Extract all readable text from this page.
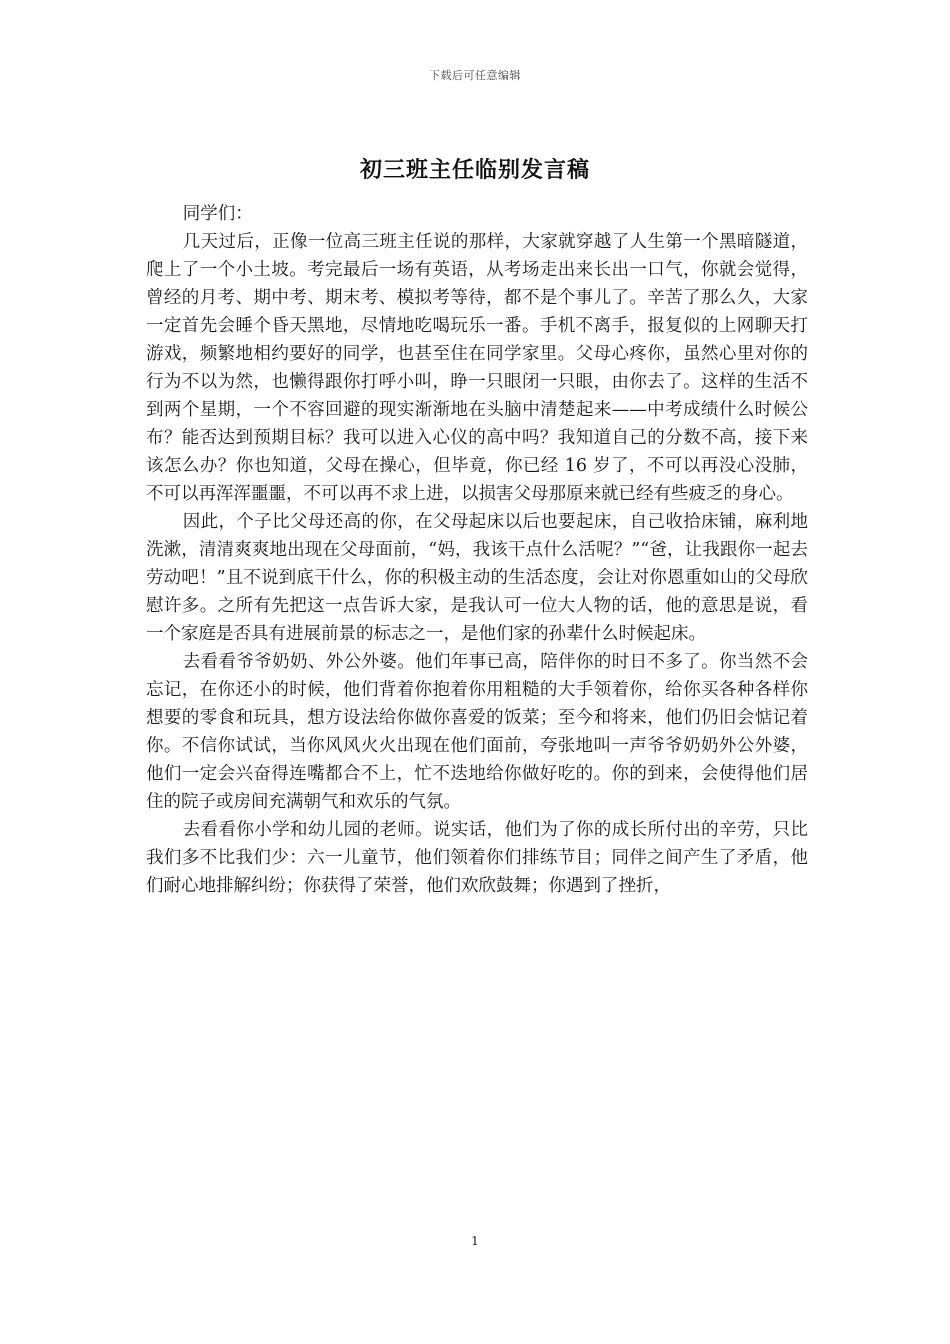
下载后可任意编辑
初三班主任临别发言稿

同学们：

几天过后，正像一位高三班主任说的那样，大家就穿越了人生第一个黑暗隧道，爬上了一个小土坡。考完最后一场有英语，从考场走出来长出一口气，你就会觉得，曾经的月考、期中考、期末考、模拟考等待，都不是个事儿了。辛苦了那么久，大家一定首先会睡个昏天黑地，尽情地吃喝玩乐一番。手机不离手，报复似的上网聊天打游戏，频繁地相约要好的同学，也甚至住在同学家里。父母心疼你，虽然心里对你的行为不以为然，也懒得跟你打呼小叫，睁一只眼闭一只眼，由你去了。这样的生活不到两个星期，一个不容回避的现实渐渐地在头脑中清楚起来——中考成绩什么时候公布？能否达到预期目标？我可以进入心仪的高中吗？我知道自己的分数不高，接下来该怎么办？你也知道，父母在操心，但毕竟，你已经 16 岁了，不可以再没心没肺，不可以再浑浑噩噩，不可以再不求上进，以损害父母那原来就已经有些疲乏的身心。

因此，个子比父母还高的你，在父母起床以后也要起床，自己收拾床铺，麻利地洗漱，清清爽爽地出现在父母面前，“妈，我该干点什么活呢？”“爸，让我跟你一起去劳动吧！”且不说到底干什么，你的积极主动的生活态度，会让对你恩重如山的父母欣慰许多。之所有先把这一点告诉大家，是我认可一位大人物的话，他的意思是说，看一个家庭是否具有进展前景的标志之一，是他们家的孙辈什么时候起床。

去看看爷爷奶奶、外公外婆。他们年事已高，陪伴你的时日不多了。你当然不会忘记，在你还小的时候，他们背着你抱着你用粗糙的大手领着你，给你买各种各样你想要的零食和玩具，想方设法给你做你喜爱的饭菜；至今和将来，他们仍旧会惦记着你。不信你试试，当你风风火火出现在他们面前，夸张地叫一声爷爷奶奶外公外婆，他们一定会兴奋得连嘴都合不上，忙不迭地给你做好吃的。你的到来，会使得他们居住的院子或房间充满朝气和欢乐的气氛。

去看看你小学和幼儿园的老师。说实话，他们为了你的成长所付出的辛劳，只比我们多不比我们少：六一儿童节，他们领着你们排练节目；同伴之间产生了矛盾，他们耐心地排解纠纷；你获得了荣誉，他们欢欣鼓舞；你遇到了挫折，

1
